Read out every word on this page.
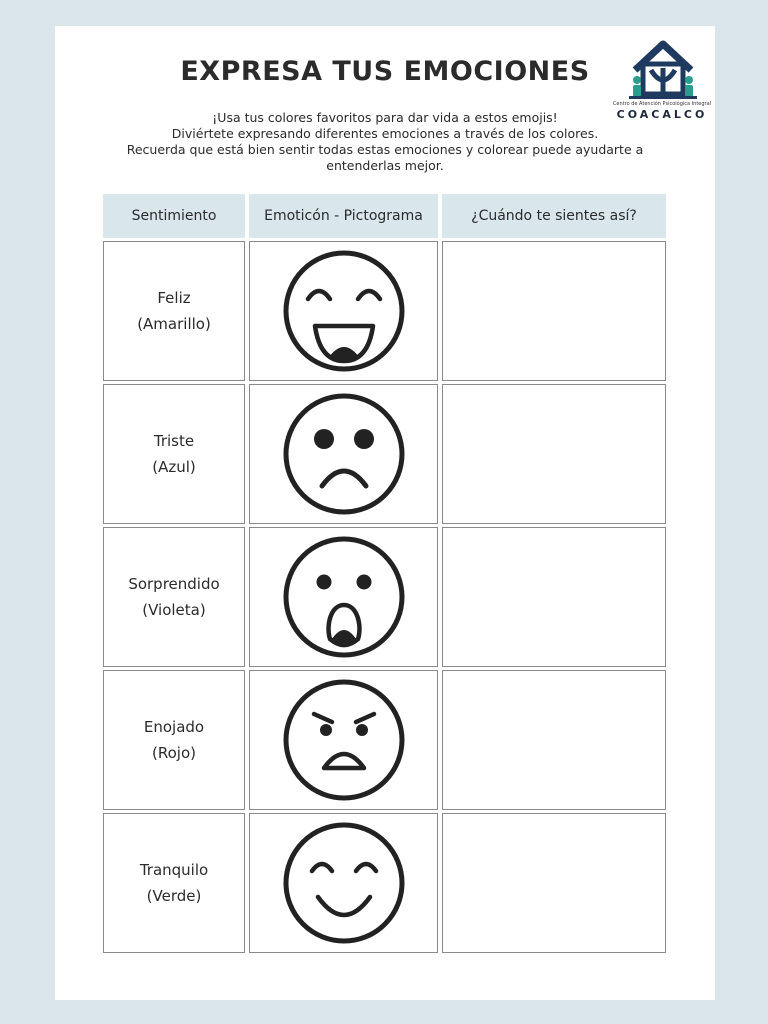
EXPRESA TUS EMOCIONES
¡Usa tus colores favoritos para dar vida a estos emojis!
Diviértete expresando diferentes emociones a través de los colores.
Recuerda que está bien sentir todas estas emociones y colorear puede ayudarte a
entenderlas mejor.
Centro de Atención Psicológica Integral
COACALCO
Sentimiento	Emoticón - Pictograma	¿Cuándo te sientes así?
Feliz
(Amarillo)
Triste
(Azul)
Sorprendido
(Violeta)
Enojado
(Rojo)
Tranquilo
(Verde)
